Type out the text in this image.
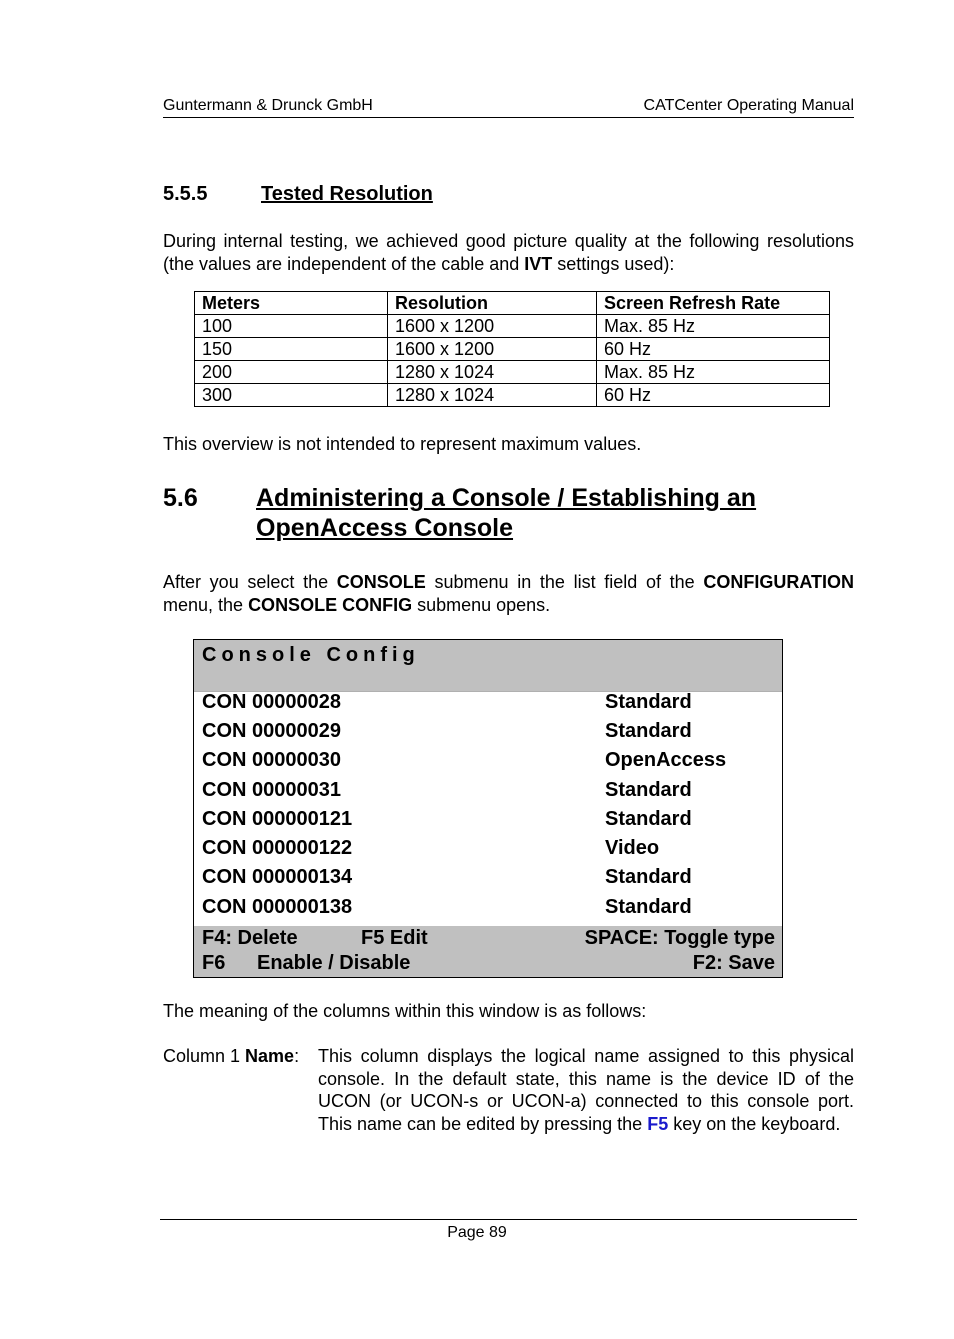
Guntermann & Drunck GmbH	CATCenter Operating Manual
5.5.5	Tested Resolution
During internal testing, we achieved good picture quality at the following resolutions (the values are independent of the cable and IVT settings used):
Meters	Resolution	Screen Refresh Rate
100	1600 x 1200	Max. 85 Hz
150	1600 x 1200	60 Hz
200	1280 x 1024	Max. 85 Hz
300	1280 x 1024	60 Hz
This overview is not intended to represent maximum values.
5.6 Administering a Console / Establishing an OpenAccess Console
After you select the CONSOLE submenu in the list field of the CONFIGURATION menu, the CONSOLE CONFIG submenu opens.
Console Config
CON 00000028	Standard
CON 00000029	Standard
CON 00000030	OpenAccess
CON 00000031	Standard
CON 000000121	Standard
CON 000000122	Video
CON 000000134	Standard
CON 000000138	Standard
F4: Delete	F5 Edit	SPACE: Toggle type
F6 Enable / Disable	F2: Save
The meaning of the columns within this window is as follows:
Column 1 Name: This column displays the logical name assigned to this physical console. In the default state, this name is the device ID of the UCON (or UCON-s or UCON-a) connected to this console port. This name can be edited by pressing the F5 key on the keyboard.
Page 89
